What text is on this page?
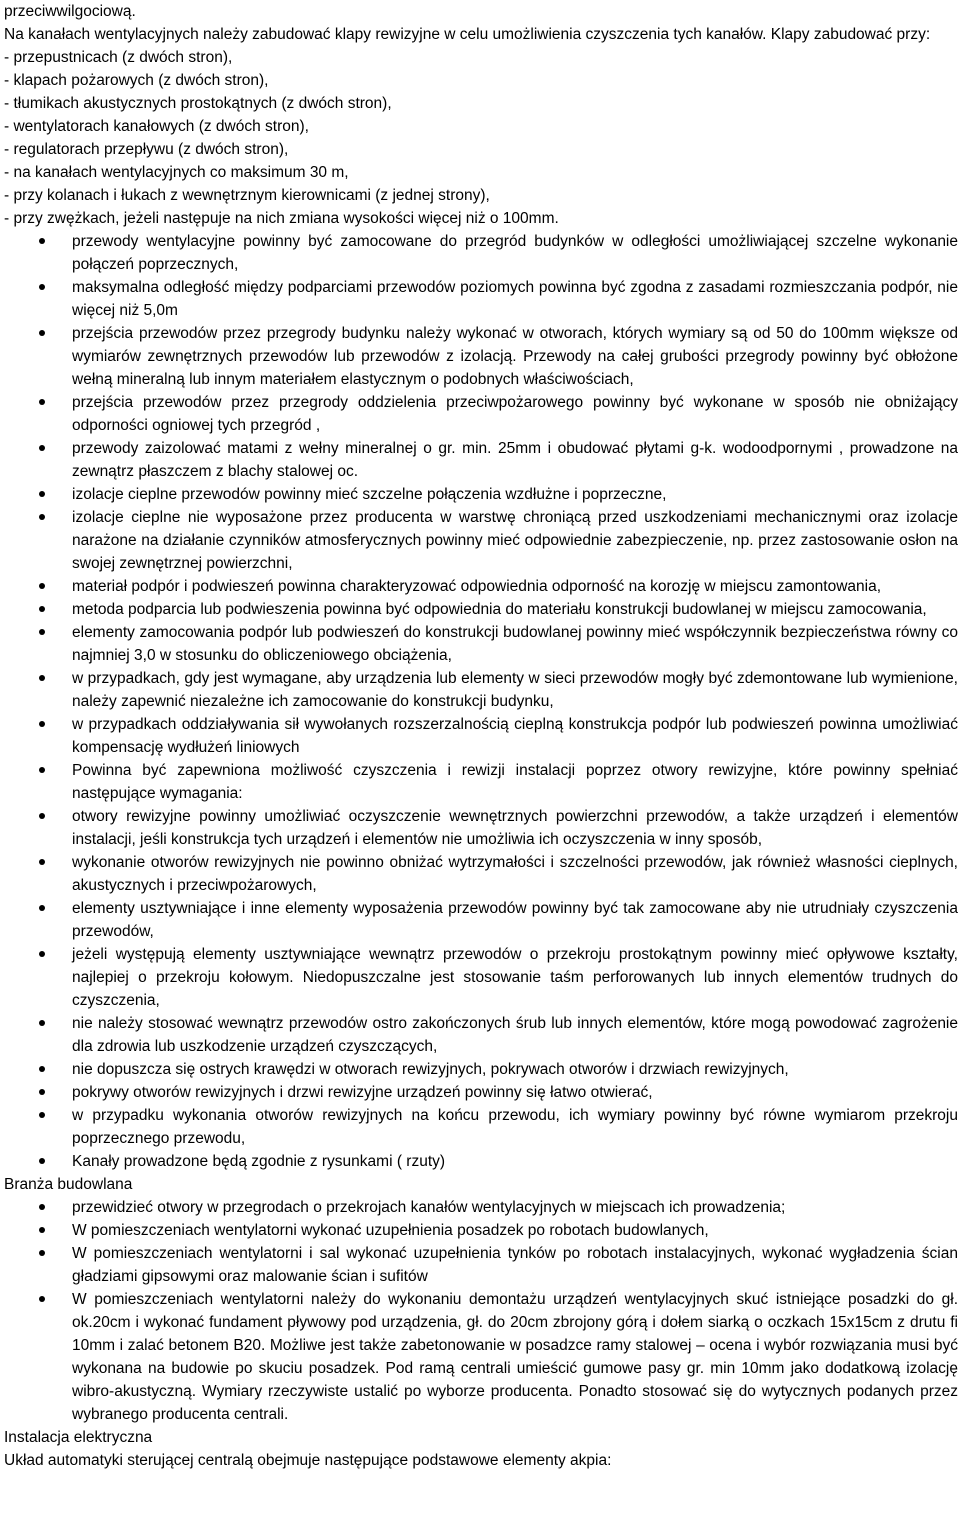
przeciwwilgociową.

Na kanałach wentylacyjnych należy zabudować klapy rewizyjne w celu umożliwienia czyszczenia tych kanałów. Klapy zabudować przy:

- przepustnicach (z dwóch stron),

- klapach pożarowych (z dwóch stron),

- tłumikach akustycznych prostokątnych (z dwóch stron),

- wentylatorach kanałowych (z dwóch stron),

- regulatorach przepływu (z dwóch stron),

- na kanałach wentylacyjnych co maksimum 30 m,

- przy kolanach i łukach z wewnętrznym kierownicami (z jednej strony),

- przy zwężkach, jeżeli następuje na nich zmiana wysokości więcej niż o 100mm.

przewody wentylacyjne powinny być zamocowane do przegród budynków w odległości umożliwiającej szczelne wykonanie połączeń poprzecznych,
maksymalna odległość między podparciami przewodów poziomych powinna być zgodna z zasadami rozmieszczania podpór, nie więcej niż 5,0m
przejścia przewodów przez przegrody budynku należy wykonać w otworach, których wymiary są od 50 do 100mm większe od wymiarów zewnętrznych przewodów lub przewodów z izolacją. Przewody na całej grubości przegrody powinny być obłożone wełną mineralną lub innym materiałem elastycznym o podobnych właściwościach,
przejścia przewodów przez przegrody oddzielenia przeciwpożarowego powinny być wykonane w sposób nie obniżający odporności ogniowej tych przegród ,
przewody zaizolować matami z wełny mineralnej o gr. min. 25mm i obudować płytami g-k. wodoodpornymi , prowadzone na zewnątrz płaszczem z blachy stalowej oc.
izolacje cieplne przewodów powinny mieć szczelne połączenia wzdłużne i poprzeczne,
izolacje cieplne nie wyposażone przez producenta w warstwę chroniącą przed uszkodzeniami mechanicznymi oraz izolacje narażone na działanie czynników atmosferycznych powinny mieć odpowiednie zabezpieczenie, np. przez zastosowanie osłon na swojej zewnętrznej powierzchni,
materiał podpór i podwieszeń powinna charakteryzować odpowiednia odporność na korozję w miejscu zamontowania,
metoda podparcia lub podwieszenia powinna być odpowiednia do materiału konstrukcji budowlanej w miejscu zamocowania,
elementy zamocowania podpór lub podwieszeń do konstrukcji budowlanej powinny mieć współczynnik bezpieczeństwa równy co najmniej 3,0 w stosunku do obliczeniowego obciążenia,
w przypadkach, gdy jest wymagane, aby urządzenia lub elementy w sieci przewodów mogły być zdemontowane lub wymienione, należy zapewnić niezależne ich zamocowanie do konstrukcji budynku,
w przypadkach oddziaływania sił wywołanych rozszerzalnością cieplną konstrukcja podpór lub podwieszeń powinna umożliwiać kompensację wydłużeń liniowych
Powinna być zapewniona możliwość czyszczenia i rewizji instalacji poprzez otwory rewizyjne, które powinny spełniać następujące wymagania:
otwory rewizyjne powinny umożliwiać oczyszczenie wewnętrznych powierzchni przewodów, a także urządzeń i elementów instalacji, jeśli konstrukcja tych urządzeń i elementów nie umożliwia ich oczyszczenia w inny sposób,
wykonanie otworów rewizyjnych nie powinno obniżać wytrzymałości i szczelności przewodów, jak również własności cieplnych, akustycznych i przeciwpożarowych,
elementy usztywniające i inne elementy wyposażenia przewodów powinny być tak zamocowane aby nie utrudniały czyszczenia przewodów,
jeżeli występują elementy usztywniające wewnątrz przewodów o przekroju prostokątnym powinny mieć opływowe kształty, najlepiej o przekroju kołowym. Niedopuszczalne jest stosowanie taśm perforowanych lub innych elementów trudnych do czyszczenia,
nie należy stosować wewnątrz przewodów ostro zakończonych śrub lub innych elementów, które mogą powodować zagrożenie dla zdrowia lub uszkodzenie urządzeń czyszczących,
nie dopuszcza się ostrych krawędzi w otworach rewizyjnych, pokrywach otworów i drzwiach rewizyjnych,
pokrywy otworów rewizyjnych i drzwi rewizyjne urządzeń powinny się łatwo otwierać,
w przypadku wykonania otworów rewizyjnych na końcu przewodu, ich wymiary powinny być równe wymiarom przekroju poprzecznego przewodu,
Kanały prowadzone będą zgodnie z rysunkami ( rzuty)

Branża budowlana

przewidzieć otwory w przegrodach o przekrojach kanałów wentylacyjnych w miejscach ich prowadzenia;
W pomieszczeniach wentylatorni wykonać uzupełnienia posadzek po robotach budowlanych,
W pomieszczeniach wentylatorni i sal wykonać uzupełnienia tynków po robotach instalacyjnych, wykonać wygładzenia ścian gładziami gipsowymi oraz malowanie ścian i sufitów
W pomieszczeniach wentylatorni należy do wykonaniu demontażu urządzeń wentylacyjnych skuć istniejące posadzki do gł. ok.20cm i wykonać fundament pływowy pod urządzenia, gł. do 20cm zbrojony górą i dołem siarką o oczkach 15x15cm z drutu fi 10mm i zalać betonem B20. Możliwe jest także zabetonowanie w posadzce ramy stalowej – ocena i wybór rozwiązania musi być wykonana na budowie po skuciu posadzek. Pod ramą centrali umieścić gumowe pasy gr. min 10mm jako dodatkową izolację wibro-akustyczną. Wymiary rzeczywiste ustalić po wyborze producenta. Ponadto stosować się do wytycznych podanych przez wybranego producenta centrali.

Instalacja elektryczna

Układ automatyki sterującej centralą obejmuje następujące podstawowe elementy akpia:
